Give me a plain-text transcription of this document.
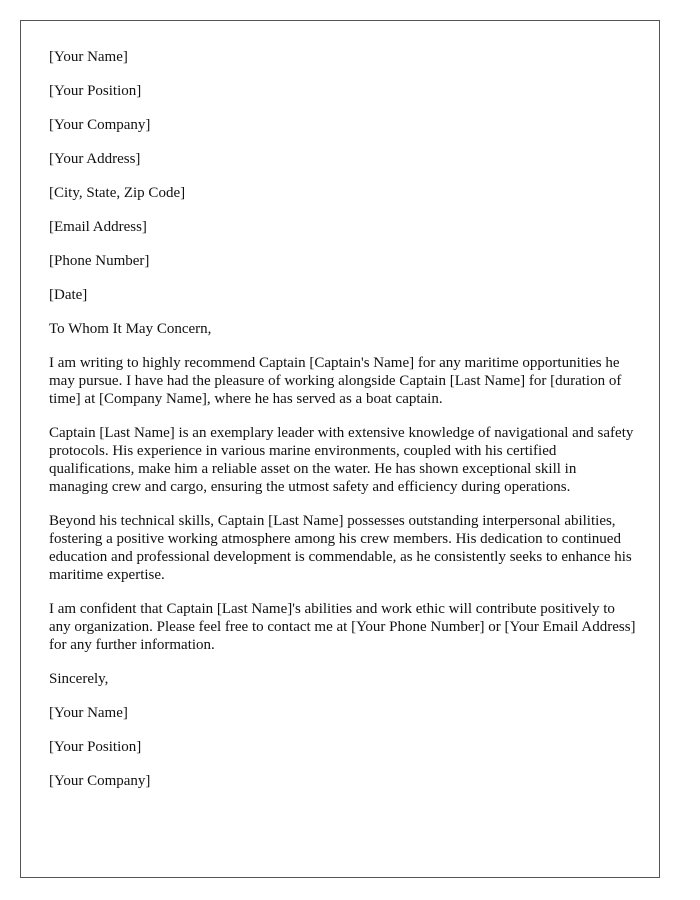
[Your Name]

[Your Position]

[Your Company]

[Your Address]

[City, State, Zip Code]

[Email Address]

[Phone Number]

[Date]

To Whom It May Concern,

I am writing to highly recommend Captain [Captain's Name] for any maritime opportunities he may pursue. I have had the pleasure of working alongside Captain [Last Name] for [duration of time] at [Company Name], where he has served as a boat captain.

Captain [Last Name] is an exemplary leader with extensive knowledge of navigational and safety protocols. His experience in various marine environments, coupled with his certified qualifications, make him a reliable asset on the water. He has shown exceptional skill in managing crew and cargo, ensuring the utmost safety and efficiency during operations.

Beyond his technical skills, Captain [Last Name] possesses outstanding interpersonal abilities, fostering a positive working atmosphere among his crew members. His dedication to continued education and professional development is commendable, as he consistently seeks to enhance his maritime expertise.

I am confident that Captain [Last Name]'s abilities and work ethic will contribute positively to any organization. Please feel free to contact me at [Your Phone Number] or [Your Email Address] for any further information.

Sincerely,

[Your Name]

[Your Position]

[Your Company]
